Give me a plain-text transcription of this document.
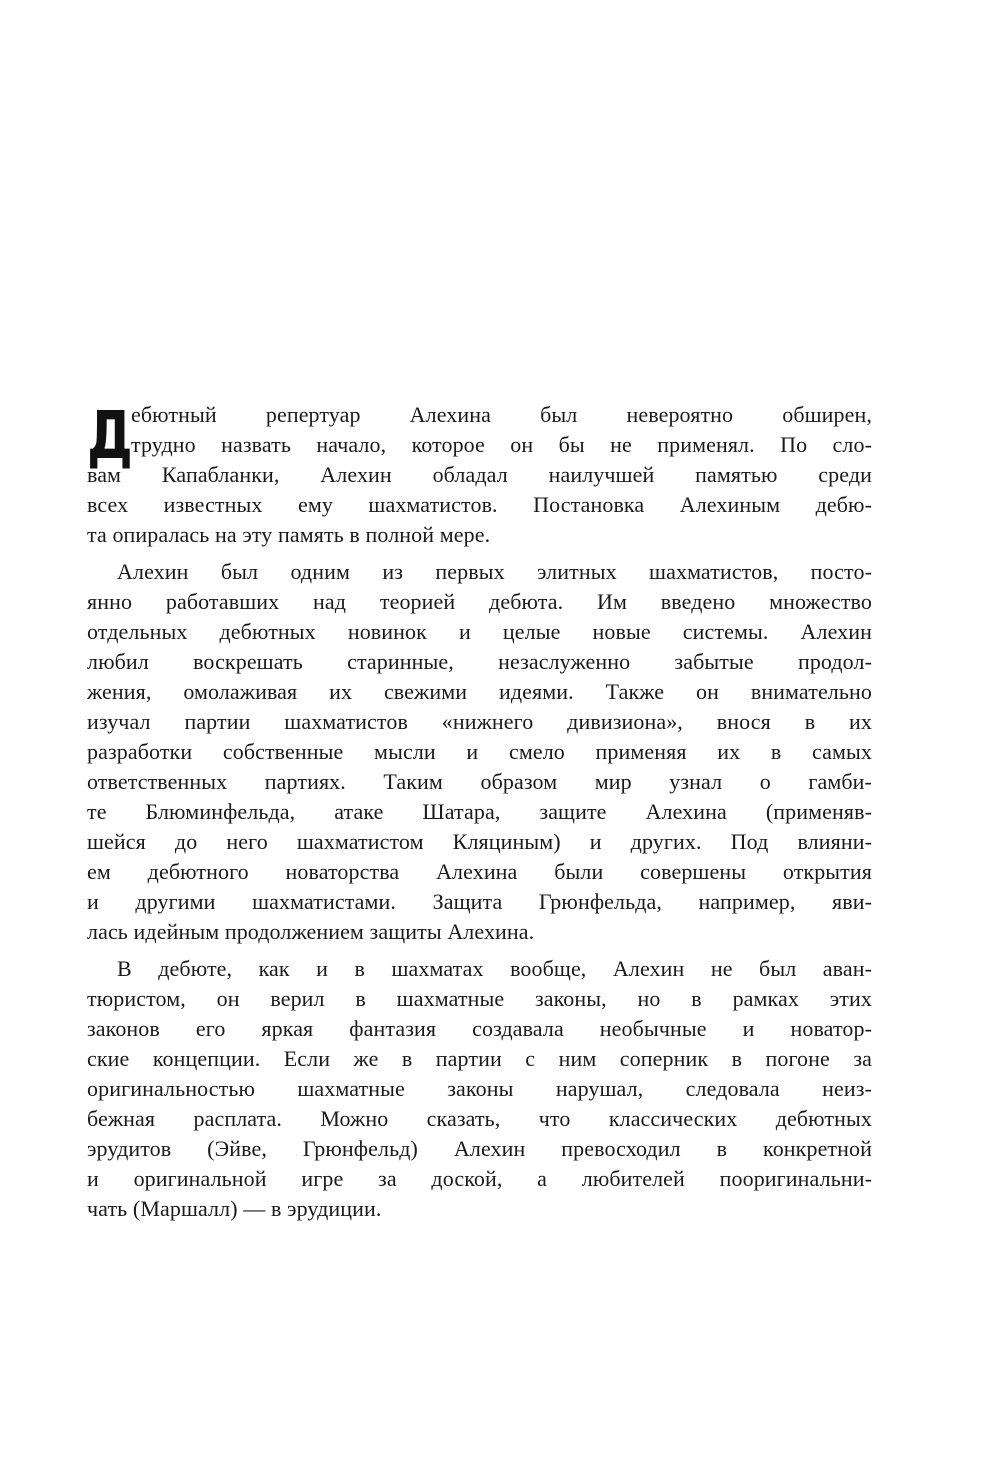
Д
ебютный репертуар Алехина был невероятно обширен,
трудно назвать начало, которое он бы не применял. По сло-
вам Капабланки, Алехин обладал наилучшей памятью среди
всех известных ему шахматистов. Постановка Алехиным дебю-
та опиралась на эту память в полной мере.
Алехин был одним из первых элитных шахматистов, посто-
янно работавших над теорией дебюта. Им введено множество
отдельных дебютных новинок и целые новые системы. Алехин
любил воскрешать старинные, незаслуженно забытые продол-
жения, омолаживая их свежими идеями. Также он внимательно
изучал партии шахматистов «нижнего дивизиона», внося в их
разработки собственные мысли и смело применяя их в самых
ответственных партиях. Таким образом мир узнал о гамби-
те Блюминфельда, атаке Шатара, защите Алехина (применяв-
шейся до него шахматистом Кляциным) и других. Под влияни-
ем дебютного новаторства Алехина были совершены открытия
и другими шахматистами. Защита Грюнфельда, например, яви-
лась идейным продолжением защиты Алехина.
В дебюте, как и в шахматах вообще, Алехин не был аван-
тюристом, он верил в шахматные законы, но в рамках этих
законов его яркая фантазия создавала необычные и новатор-
ские концепции. Если же в партии с ним соперник в погоне за
оригинальностью шахматные законы нарушал, следовала неиз-
бежная расплата. Можно сказать, что классических дебютных
эрудитов (Эйве, Грюнфельд) Алехин превосходил в конкретной
и оригинальной игре за доской, а любителей пооригинальни-
чать (Маршалл) — в эрудиции.
